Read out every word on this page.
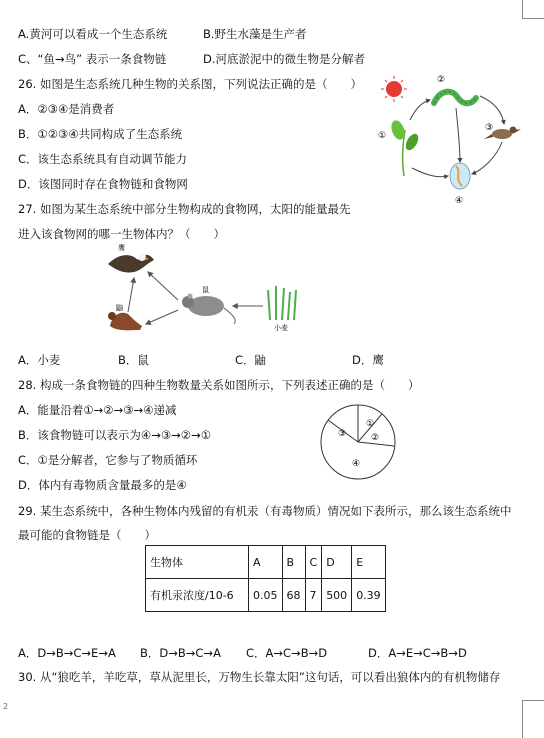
A.黄河可以看成一个生态系统	B.野生水藻是生产者
C、“鱼→鸟” 表示一条食物链	D.河底淤泥中的微生物是分解者
26. 如图是生态系统几种生物的关系图，下列说法正确的是（　　）
A．②③④是消费者
B．①②③④共同构成了生态系统
C．该生态系统具有自动调节能力
D．该图同时存在食物链和食物网
②
③
①
④
27. 如图为某生态系统中部分生物构成的食物网，太阳的能量最先
进入该食物网的哪一生物体内？（　　）
鹰
鼬
鼠
小麦
A．小麦	B．鼠	C．鼬	D．鹰
28. 构成一条食物链的四种生物数量关系如图所示，下列表述正确的是（　　）
A．能量沿着①→②→③→④递减
B．该食物链可以表示为④→③→②→①
C．①是分解者，它参与了物质循环
D．体内有毒物质含量最多的是④
①
②
③
④
29. 某生态系统中，各种生物体内残留的有机汞（有毒物质）情况如下表所示，那么该生态系统中
最可能的食物链是（　　）
生物体	A	B	C	D	E
有机汞浓度/10-6	0.05	68	7	500	0.39
A．D→B→C→E→A B．D→B→C→A C．A→C→B→D	D．A→E→C→B→D
30. 从“狼吃羊，羊吃草，草从泥里长，万物生长靠太阳”这句话，可以看出狼体内的有机物储存
2
